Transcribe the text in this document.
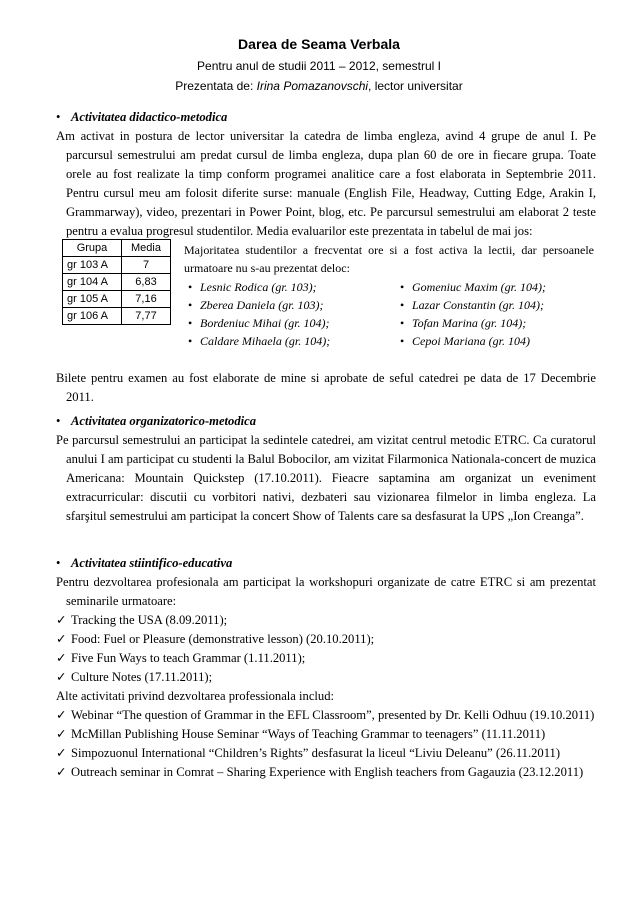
Darea de Seama Verbala
Pentru anul de studii 2011 – 2012, semestrul I
Prezentata de: Irina Pomazanovschi, lector universitar
• Activitatea didactico-metodica
Am activat in postura de lector universitar la catedra de limba engleza, avind 4 grupe de anul I. Pe parcursul semestrului am predat cursul de limba engleza, dupa plan 60 de ore in fiecare grupa. Toate orele au fost realizate la timp conform programei analitice care a fost elaborata in Septembrie 2011. Pentru cursul meu am folosit diferite surse: manuale (English File, Headway, Cutting Edge, Arakin I, Grammarway), video, prezentari in Power Point, blog, etc. Pe parcursul semestrului am elaborat 2 teste pentru a evalua progresul studentilor. Media evaluarilor este prezentata in tabelul de mai jos:
Grupa	Media
gr 103 A	7
gr 104 A	6,83
gr 105 A	7,16
gr 106 A	7,77
Majoritatea studentilor a frecventat ore si a fost activa la lectii, dar persoanele urmatoare nu s-au prezentat deloc:
• Lesnic Rodica (gr. 103);	• Gomeniuc Maxim (gr. 104);
• Zberea Daniela (gr. 103);	• Lazar Constantin (gr. 104);
• Bordeniuc Mihai (gr. 104);	• Tofan Marina (gr. 104);
• Caldare Mihaela (gr. 104);	• Cepoi Mariana (gr. 104)
Bilete pentru examen au fost elaborate de mine si aprobate de seful catedrei pe data de 17 Decembrie 2011.
• Activitatea organizatorico-metodica
Pe parcursul semestrului an participat la sedintele catedrei, am vizitat centrul metodic ETRC. Ca curatorul anului I am participat cu studenti la Balul Bobocilor, am vizitat Filarmonica Nationala-concert de muzica Americana: Mountain Quickstep (17.10.2011). Fieacre saptamina am organizat un eveniment extracurricular: discutii cu vorbitori nativi, dezbateri sau vizionarea filmelor in limba engleza. La sfarşitul semestrului am participat la concert Show of Talents care sa desfasurat la UPS „Ion Creanga”.
• Activitatea stiintifico-educativa
Pentru dezvoltarea profesionala am participat la workshopuri organizate de catre ETRC si am prezentat seminarile urmatoare:
✓ Tracking the USA (8.09.2011);
✓ Food: Fuel or Pleasure (demonstrative lesson) (20.10.2011);
✓ Five Fun Ways to teach Grammar (1.11.2011);
✓ Culture Notes (17.11.2011);
Alte activitati privind dezvoltarea professionala includ:
✓ Webinar “The question of Grammar in the EFL Classroom”, presented by Dr. Kelli Odhuu (19.10.2011)
✓ McMillan Publishing House Seminar “Ways of Teaching Grammar to teenagers” (11.11.2011)
✓ Simpozuonul International “Children’s Rights” desfasurat la liceul “Liviu Deleanu” (26.11.2011)
✓ Outreach seminar in Comrat – Sharing Experience with English teachers from Gagauzia (23.12.2011)
